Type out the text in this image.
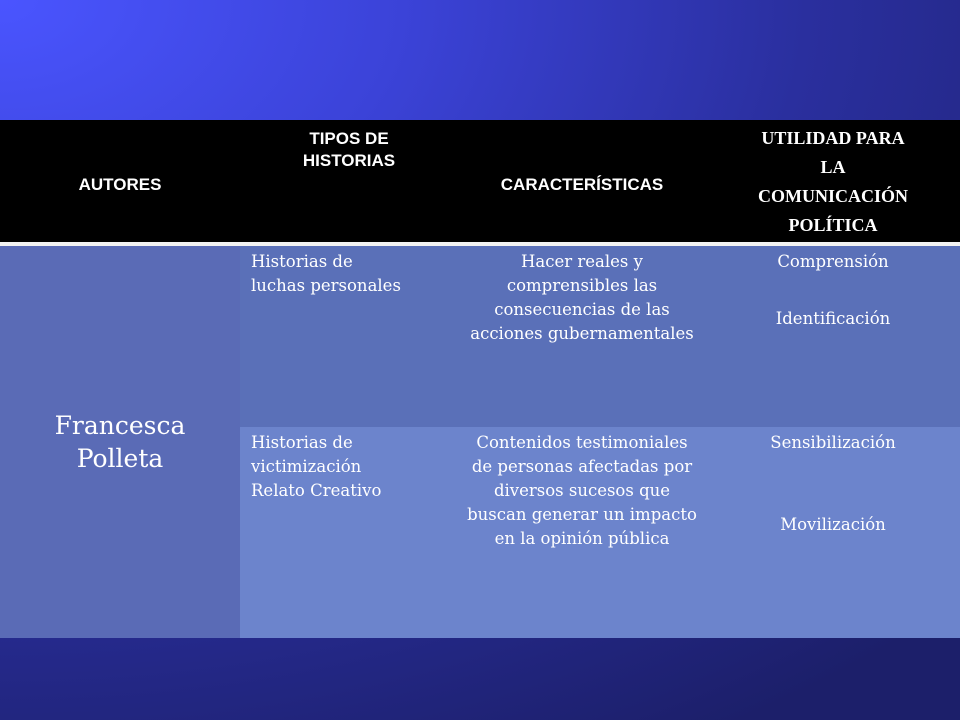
AUTORES
TIPOS DE
HISTORIAS
CARACTERÍSTICAS
UTILIDAD PARA
LA
COMUNICACIÓN
POLÍTICA
Francesca
Polleta
Historias de
luchas personales
Hacer reales y comprensibles las consecuencias de las acciones gubernamentales
Comprensión
Identificación
Historias de
victimización
Relato Creativo
Contenidos testimoniales de personas afectadas por diversos sucesos que buscan generar un impacto en la opinión pública
Sensibilización
Movilización
